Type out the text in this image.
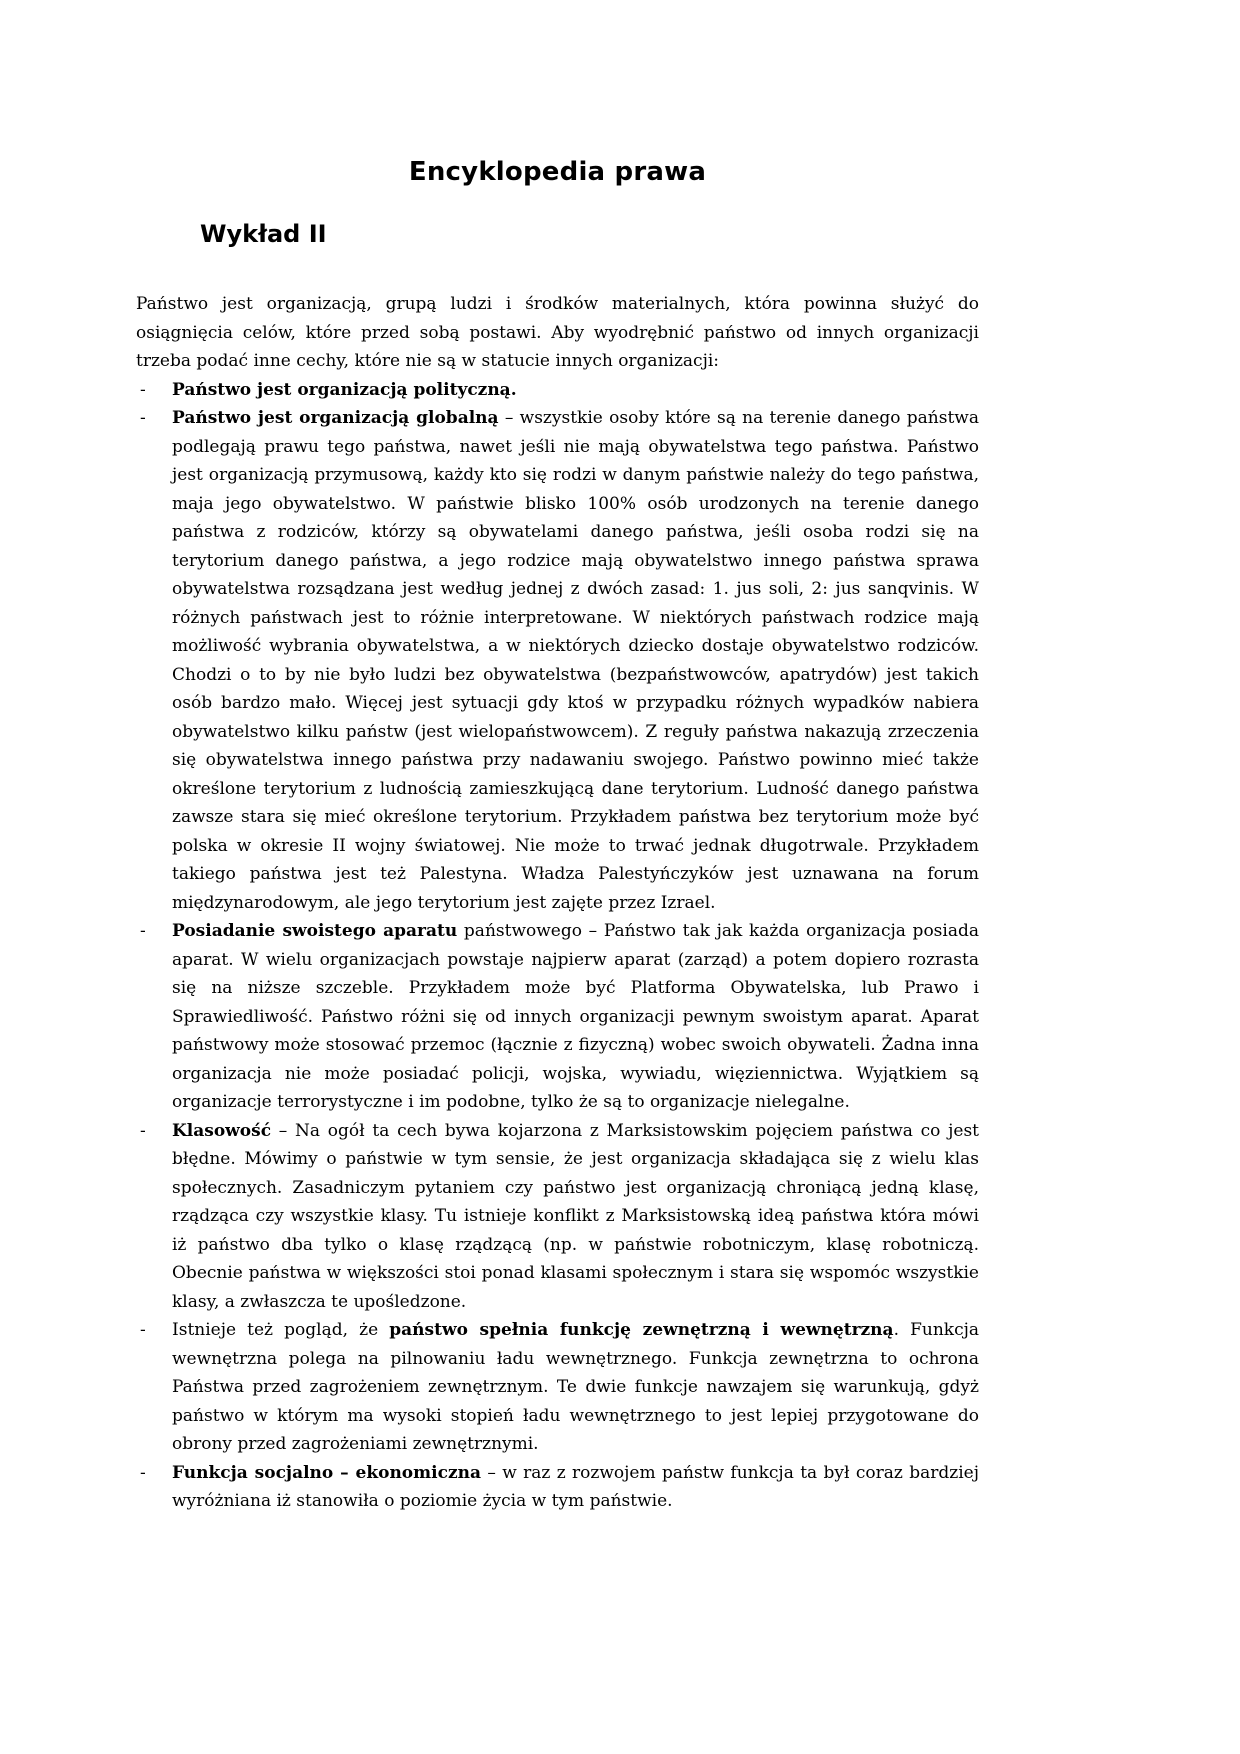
Encyklopedia prawa
Wykład II

Państwo jest organizacją, grupą ludzi i środków materialnych, która powinna służyć do osiągnięcia celów, które przed sobą postawi. Aby wyodrębnić państwo od innych organizacji trzeba podać inne cechy, które nie są w statucie innych organizacji:

- Państwo jest organizacją polityczną.
- Państwo jest organizacją globalną – wszystkie osoby które są na terenie danego państwa podlegają prawu tego państwa, nawet jeśli nie mają obywatelstwa tego państwa. Państwo jest organizacją przymusową, każdy kto się rodzi w danym państwie należy do tego państwa, maja jego obywatelstwo. W państwie blisko 100% osób urodzonych na terenie danego państwa z rodziców, którzy są obywatelami danego państwa, jeśli osoba rodzi się na terytorium danego państwa, a jego rodzice mają obywatelstwo innego państwa sprawa obywatelstwa rozsądzana jest według jednej z dwóch zasad: 1. jus soli, 2: jus sanqvinis. W różnych państwach jest to różnie interpretowane. W niektórych państwach rodzice mają możliwość wybrania obywatelstwa, a w niektórych dziecko dostaje obywatelstwo rodziców. Chodzi o to by nie było ludzi bez obywatelstwa (bezpaństwowców, apatrydów) jest takich osób bardzo mało. Więcej jest sytuacji gdy ktoś w przypadku różnych wypadków nabiera obywatelstwo kilku państw (jest wielopaństwowcem). Z reguły państwa nakazują zrzeczenia się obywatelstwa innego państwa przy nadawaniu swojego. Państwo powinno mieć także określone terytorium z ludnością zamieszkującą dane terytorium. Ludność danego państwa zawsze stara się mieć określone terytorium. Przykładem państwa bez terytorium może być polska w okresie II wojny światowej. Nie może to trwać jednak długotrwale. Przykładem takiego państwa jest też Palestyna. Władza Palestyńczyków jest uznawana na forum międzynarodowym, ale jego terytorium jest zajęte przez Izrael.
- Posiadanie swoistego aparatu państwowego – Państwo tak jak każda organizacja posiada aparat. W wielu organizacjach powstaje najpierw aparat (zarząd) a potem dopiero rozrasta się na niższe szczeble. Przykładem może być Platforma Obywatelska, lub Prawo i Sprawiedliwość. Państwo różni się od innych organizacji pewnym swoistym aparat. Aparat państwowy może stosować przemoc (łącznie z fizyczną) wobec swoich obywateli. Żadna inna organizacja nie może posiadać policji, wojska, wywiadu, więziennictwa. Wyjątkiem są organizacje terrorystyczne i im podobne, tylko że są to organizacje nielegalne.
- Klasowość – Na ogół ta cech bywa kojarzona z Marksistowskim pojęciem państwa co jest błędne. Mówimy o państwie w tym sensie, że jest organizacja składająca się z wielu klas społecznych. Zasadniczym pytaniem czy państwo jest organizacją chroniącą jedną klasę, rządząca czy wszystkie klasy. Tu istnieje konflikt z Marksistowską ideą państwa która mówi iż państwo dba tylko o klasę rządzącą (np. w państwie robotniczym, klasę robotniczą. Obecnie państwa w większości stoi ponad klasami społecznym i stara się wspomóc wszystkie klasy, a zwłaszcza te upośledzone.
- Istnieje też pogląd, że państwo spełnia funkcję zewnętrzną i wewnętrzną. Funkcja wewnętrzna polega na pilnowaniu ładu wewnętrznego. Funkcja zewnętrzna to ochrona Państwa przed zagrożeniem zewnętrznym. Te dwie funkcje nawzajem się warunkują, gdyż państwo w którym ma wysoki stopień ładu wewnętrznego to jest lepiej przygotowane do obrony przed zagrożeniami zewnętrznymi.
- Funkcja socjalno – ekonomiczna – w raz z rozwojem państw funkcja ta był coraz bardziej wyróżniana iż stanowiła o poziomie życia w tym państwie.
